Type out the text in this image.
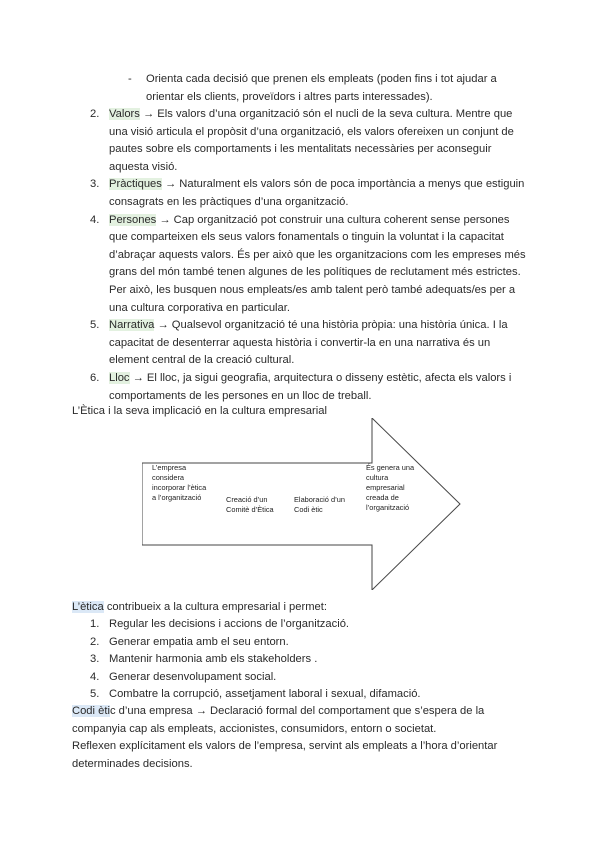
- Orienta cada decisió que prenen els empleats (poden fins i tot ajudar a orientar els clients, proveïdors i altres parts interessades).
2. Valors → Els valors d’una organització són el nucli de la seva cultura. Mentre que una visió articula el propòsit d’una organització, els valors ofereixen un conjunt de pautes sobre els comportaments i les mentalitats necessàries per aconseguir aquesta visió.
3. Pràctiques → Naturalment els valors són de poca importància a menys que estiguin consagrats en les pràctiques d’una organització.
4. Persones → Cap organització pot construir una cultura coherent sense persones que comparteixen els seus valors fonamentals o tinguin la voluntat i la capacitat d’abraçar aquests valors. És per això que les organitzacions com les empreses més grans del món també tenen algunes de les polítiques de reclutament més estrictes. Per això, les busquen nous empleats/es amb talent però també adequats/es per a una cultura corporativa en particular.
5. Narrativa → Qualsevol organització té una història pròpia: una història única. I la capacitat de desenterrar aquesta història i convertir-la en una narrativa és un element central de la creació cultural.
6. Lloc → El lloc, ja sigui geografia, arquitectura o disseny estètic, afecta els valors i comportaments de les persones en un lloc de treball.
L’Ètica i la seva implicació en la cultura empresarial
L’empresa considera incorporar l’ètica a l’organització	Creació d’un Comitè d’Ètica
Elaboració d’un Codi ètic
És genera una cultura empresarial creada de l’organització
L’ètica contribueix a la cultura empresarial i permet:
1. Regular les decisions i accions de l’organització.
2. Generar empatia amb el seu entorn.
3. Mantenir harmonia amb els stakeholders .
4. Generar desenvolupament social.
5. Combatre la corrupció, assetjament laboral i sexual, difamació.
Codi ètic d’una empresa → Declaració formal del comportament que s’espera de la companyia cap als empleats, accionistes, consumidors, entorn o societat.
Reflexen explícitament els valors de l’empresa, servint als empleats a l’hora d’orientar determinades decisions.
